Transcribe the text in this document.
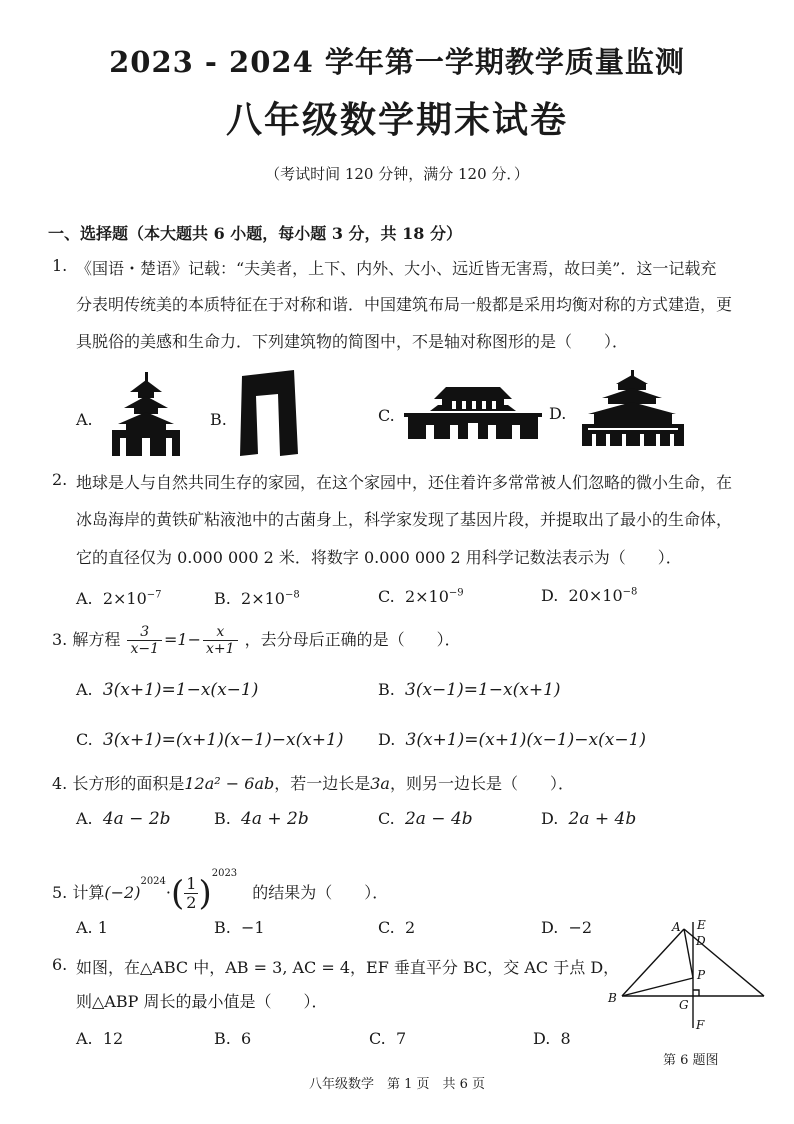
2023 - 2024 学年第一学期教学质量监测
八年级数学期末试卷
（考试时间 120 分钟，满分 120 分．）
一、选择题（本大题共 6 小题，每小题 3 分，共 18 分）
1. 《国语・楚语》记载：“夫美者，上下、内外、大小、远近皆无害焉，故曰美”．这一记载充
分表明传统美的本质特征在于对称和谐．中国建筑布局一般都是采用均衡对称的方式建造，更
具脱俗的美感和生命力．下列建筑物的简图中，不是轴对称图形的是（　　）．
A.	B.	C.	D.
2. 地球是人与自然共同生存的家园，在这个家园中，还住着许多常常被人们忽略的微小生命，在
冰岛海岸的黄铁矿粘液池中的古菌身上，科学家发现了基因片段，并提取出了最小的生命体，
它的直径仅为 0.000 000 2 米．将数字 0.000 000 2 用科学记数法表示为（　　）．
A. $2\times 10^{-7}$	B. $2\times 10^{-8}$	C. $2\times 10^{-9}$	D. $20\times 10^{-8}$
3. 解方程 $\frac{3}{x-1} =1- \frac{x}{x+1}$ ，去分母后正确的是（　　）．
A. 3(x+1)=1−x(x−1)	B. 3(x−1)=1−x(x+1)
C. 3(x+1)=(x+1)(x−1)−x(x+1) D. 3(x+1)=(x+1)(x−1)−x(x−1)
4. 长方形的面积是12a² − 6ab，若一边长是3a，则另一边长是（　　）．
A. 4a − 2b	B. 4a + 2b	C. 2a − 4b	D. 2a + 4b
5. 计算$(-2)^{2024}\cdot( \frac{1}{2} )^{2023}$ 的结果为（　　）．
A. 1	B. −1	C. 2	D. −2
6. 如图，在△ABC 中，AB = 3, AC = 4，EF 垂直平分 BC，交 AC 于点 D，
则△ABP 周长的最小值是（　　）．
A. 12	B. 6	C. 7	D. 8
A E
D
P
B	G
F
第 6 题图
八年级数学　第 1 页　共 6 页
